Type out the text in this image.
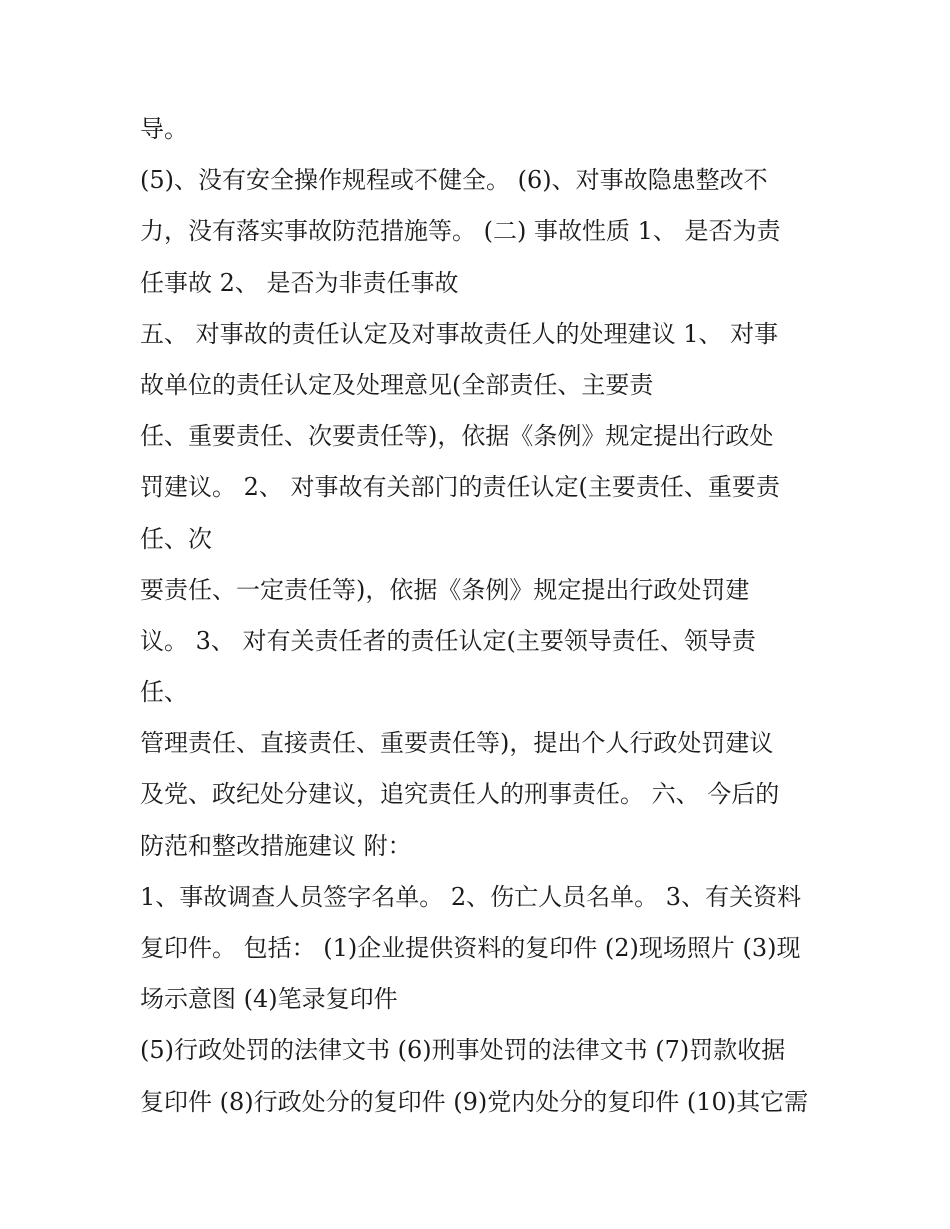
导。
(5)、没有安全操作规程或不健全。 (6)、对事故隐患整改不
力，没有落实事故防范措施等。 (二) 事故性质 1、 是否为责
任事故 2、 是否为非责任事故
五、 对事故的责任认定及对事故责任人的处理建议 1、 对事
故单位的责任认定及处理意见(全部责任、主要责
任、重要责任、次要责任等)，依据《条例》规定提出行政处
罚建议。 2、 对事故有关部门的责任认定(主要责任、重要责
任、次
要责任、一定责任等)，依据《条例》规定提出行政处罚建
议。 3、 对有关责任者的责任认定(主要领导责任、领导责
任、
管理责任、直接责任、重要责任等)，提出个人行政处罚建议
及党、政纪处分建议，追究责任人的刑事责任。 六、 今后的
防范和整改措施建议 附：
1、事故调查人员签字名单。 2、伤亡人员名单。 3、有关资料
复印件。 包括： (1)企业提供资料的复印件 (2)现场照片 (3)现
场示意图 (4)笔录复印件
(5)行政处罚的法律文书 (6)刑事处罚的法律文书 (7)罚款收据
复印件 (8)行政处分的复印件 (9)党内处分的复印件 (10)其它需
